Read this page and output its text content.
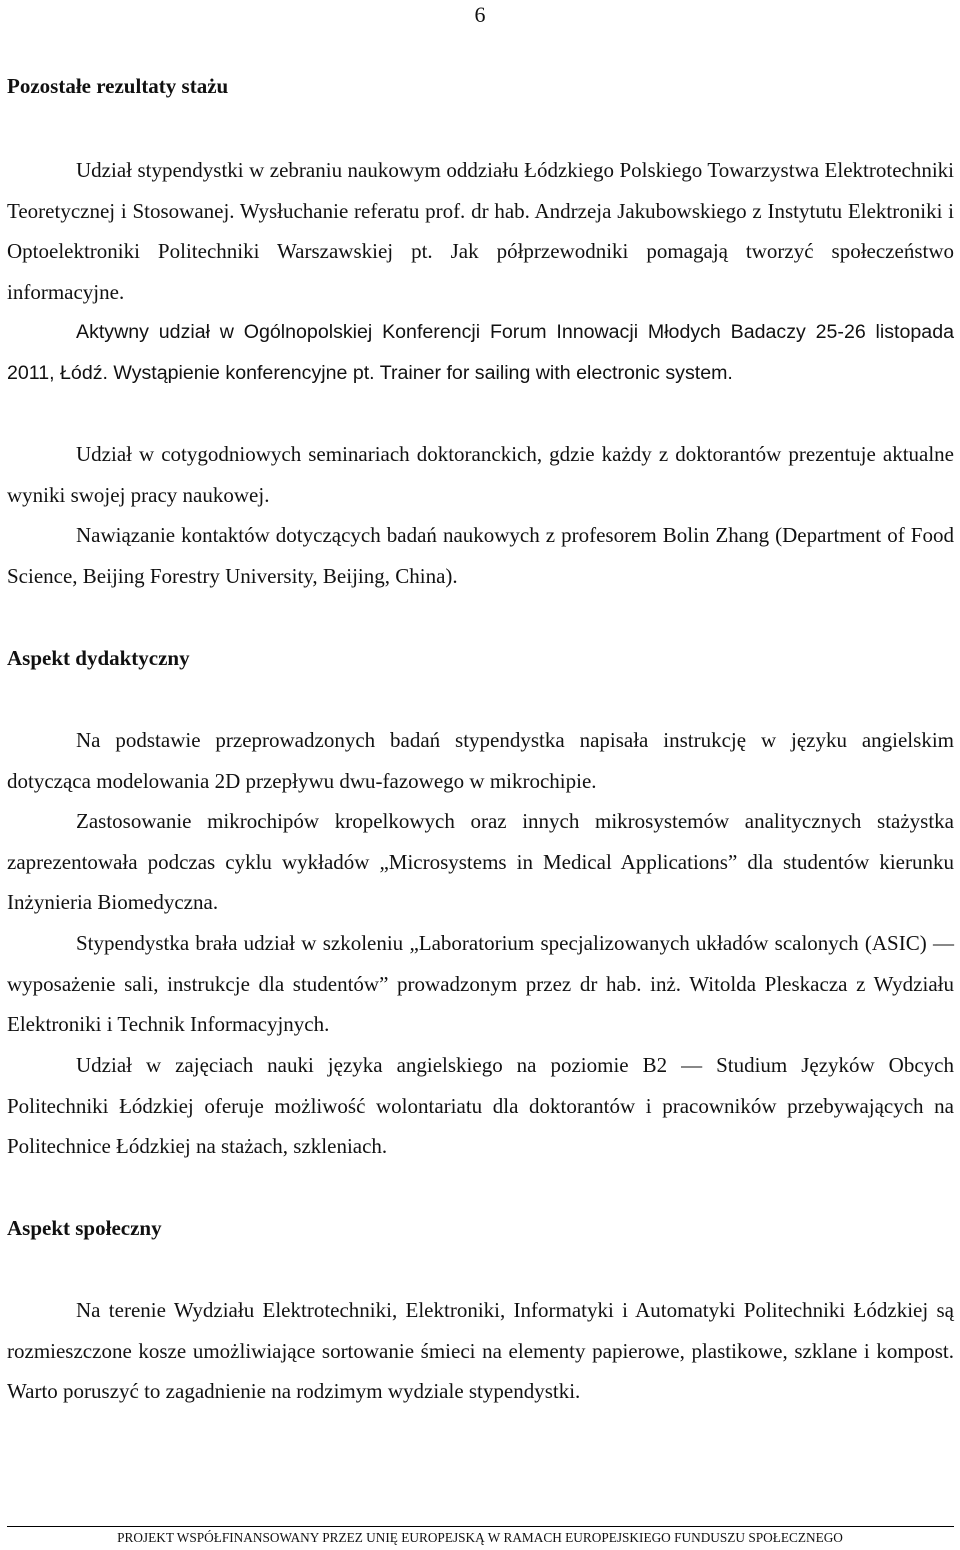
6
Pozostałe rezultaty stażu

Udział stypendystki w zebraniu naukowym oddziału Łódzkiego Polskiego Towarzystwa Elektrotechniki Teoretycznej i Stosowanej. Wysłuchanie referatu prof. dr hab. Andrzeja Jakubowskiego z Instytutu Elektroniki i Optoelektroniki Politechniki Warszawskiej pt. Jak półprzewodniki pomagają tworzyć społeczeństwo informacyjne.

Aktywny udział w Ogólnopolskiej Konferencji Forum Innowacji Młodych Badaczy 25-26 listopada 2011, Łódź. Wystąpienie konferencyjne pt. Trainer for sailing with electronic system.

Udział w cotygodniowych seminariach doktoranckich, gdzie każdy z doktorantów prezentuje aktualne wyniki swojej pracy naukowej.

Nawiązanie kontaktów dotyczących badań naukowych z profesorem Bolin Zhang (Department of Food Science, Beijing Forestry University, Beijing, China).

Aspekt dydaktyczny

Na podstawie przeprowadzonych badań stypendystka napisała instrukcję w języku angielskim dotycząca modelowania 2D przepływu dwu-fazowego w mikrochipie.

Zastosowanie mikrochipów kropelkowych oraz innych mikrosystemów analitycznych stażystka zaprezentowała podczas cyklu wykładów „Microsystems in Medical Applications” dla studentów kierunku Inżynieria Biomedyczna.

Stypendystka brała udział w szkoleniu „Laboratorium specjalizowanych układów scalonych (ASIC) — wyposażenie sali, instrukcje dla studentów” prowadzonym przez dr hab. inż. Witolda Pleskacza z Wydziału Elektroniki i Technik Informacyjnych.

Udział w zajęciach nauki języka angielskiego na poziomie B2 — Studium Języków Obcych Politechniki Łódzkiej oferuje możliwość wolontariatu dla doktorantów i pracowników przebywających na Politechnice Łódzkiej na stażach, szkleniach.

Aspekt społeczny

Na terenie Wydziału Elektrotechniki, Elektroniki, Informatyki i Automatyki Politechniki Łódzkiej są rozmieszczone kosze umożliwiające sortowanie śmieci na elementy papierowe, plastikowe, szklane i kompost. Warto poruszyć to zagadnienie na rodzimym wydziale stypendystki.

PROJEKT WSPÓŁFINANSOWANY PRZEZ UNIĘ EUROPEJSKĄ W RAMACH EUROPEJSKIEGO FUNDUSZU SPOŁECZNEGO
